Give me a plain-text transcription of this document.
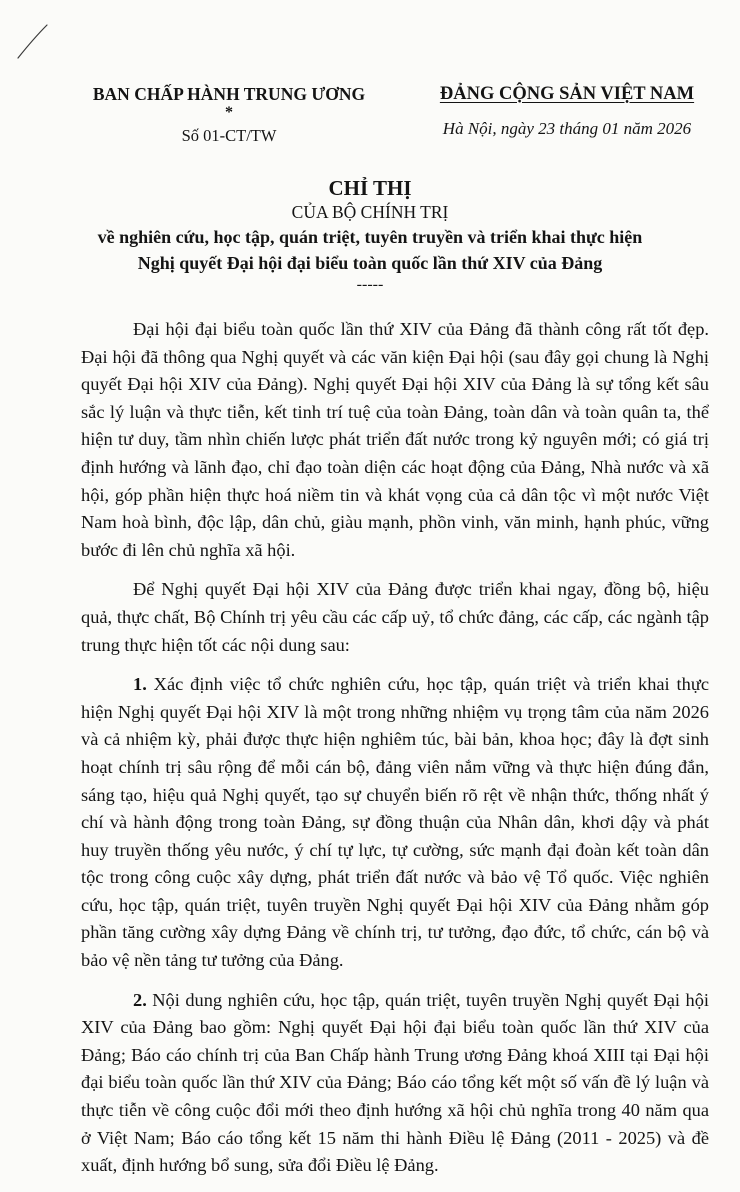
BAN CHẤP HÀNH TRUNG ƯƠNG
*
Số 01-CT/TW
ĐẢNG CỘNG SẢN VIỆT NAM
Hà Nội, ngày 23 tháng 01 năm 2026
CHỈ THỊ
CỦA BỘ CHÍNH TRỊ
về nghiên cứu, học tập, quán triệt, tuyên truyền và triển khai thực hiện
Nghị quyết Đại hội đại biểu toàn quốc lần thứ XIV của Đảng
-----

Đại hội đại biểu toàn quốc lần thứ XIV của Đảng đã thành công rất tốt đẹp. Đại hội đã thông qua Nghị quyết và các văn kiện Đại hội (sau đây gọi chung là Nghị quyết Đại hội XIV của Đảng). Nghị quyết Đại hội XIV của Đảng là sự tổng kết sâu sắc lý luận và thực tiễn, kết tinh trí tuệ của toàn Đảng, toàn dân và toàn quân ta, thể hiện tư duy, tầm nhìn chiến lược phát triển đất nước trong kỷ nguyên mới; có giá trị định hướng và lãnh đạo, chỉ đạo toàn diện các hoạt động của Đảng, Nhà nước và xã hội, góp phần hiện thực hoá niềm tin và khát vọng của cả dân tộc vì một nước Việt Nam hoà bình, độc lập, dân chủ, giàu mạnh, phồn vinh, văn minh, hạnh phúc, vững bước đi lên chủ nghĩa xã hội.

Để Nghị quyết Đại hội XIV của Đảng được triển khai ngay, đồng bộ, hiệu quả, thực chất, Bộ Chính trị yêu cầu các cấp uỷ, tổ chức đảng, các cấp, các ngành tập trung thực hiện tốt các nội dung sau:

1. Xác định việc tổ chức nghiên cứu, học tập, quán triệt và triển khai thực hiện Nghị quyết Đại hội XIV là một trong những nhiệm vụ trọng tâm của năm 2026 và cả nhiệm kỳ, phải được thực hiện nghiêm túc, bài bản, khoa học; đây là đợt sinh hoạt chính trị sâu rộng để mỗi cán bộ, đảng viên nắm vững và thực hiện đúng đắn, sáng tạo, hiệu quả Nghị quyết, tạo sự chuyển biến rõ rệt về nhận thức, thống nhất ý chí và hành động trong toàn Đảng, sự đồng thuận của Nhân dân, khơi dậy và phát huy truyền thống yêu nước, ý chí tự lực, tự cường, sức mạnh đại đoàn kết toàn dân tộc trong công cuộc xây dựng, phát triển đất nước và bảo vệ Tổ quốc. Việc nghiên cứu, học tập, quán triệt, tuyên truyền Nghị quyết Đại hội XIV của Đảng nhằm góp phần tăng cường xây dựng Đảng về chính trị, tư tưởng, đạo đức, tổ chức, cán bộ và bảo vệ nền tảng tư tưởng của Đảng.

2. Nội dung nghiên cứu, học tập, quán triệt, tuyên truyền Nghị quyết Đại hội XIV của Đảng bao gồm: Nghị quyết Đại hội đại biểu toàn quốc lần thứ XIV của Đảng; Báo cáo chính trị của Ban Chấp hành Trung ương Đảng khoá XIII tại Đại hội đại biểu toàn quốc lần thứ XIV của Đảng; Báo cáo tổng kết một số vấn đề lý luận và thực tiễn về công cuộc đổi mới theo định hướng xã hội chủ nghĩa trong 40 năm qua ở Việt Nam; Báo cáo tổng kết 15 năm thi hành Điều lệ Đảng (2011 - 2025) và đề xuất, định hướng bổ sung, sửa đổi Điều lệ Đảng.
